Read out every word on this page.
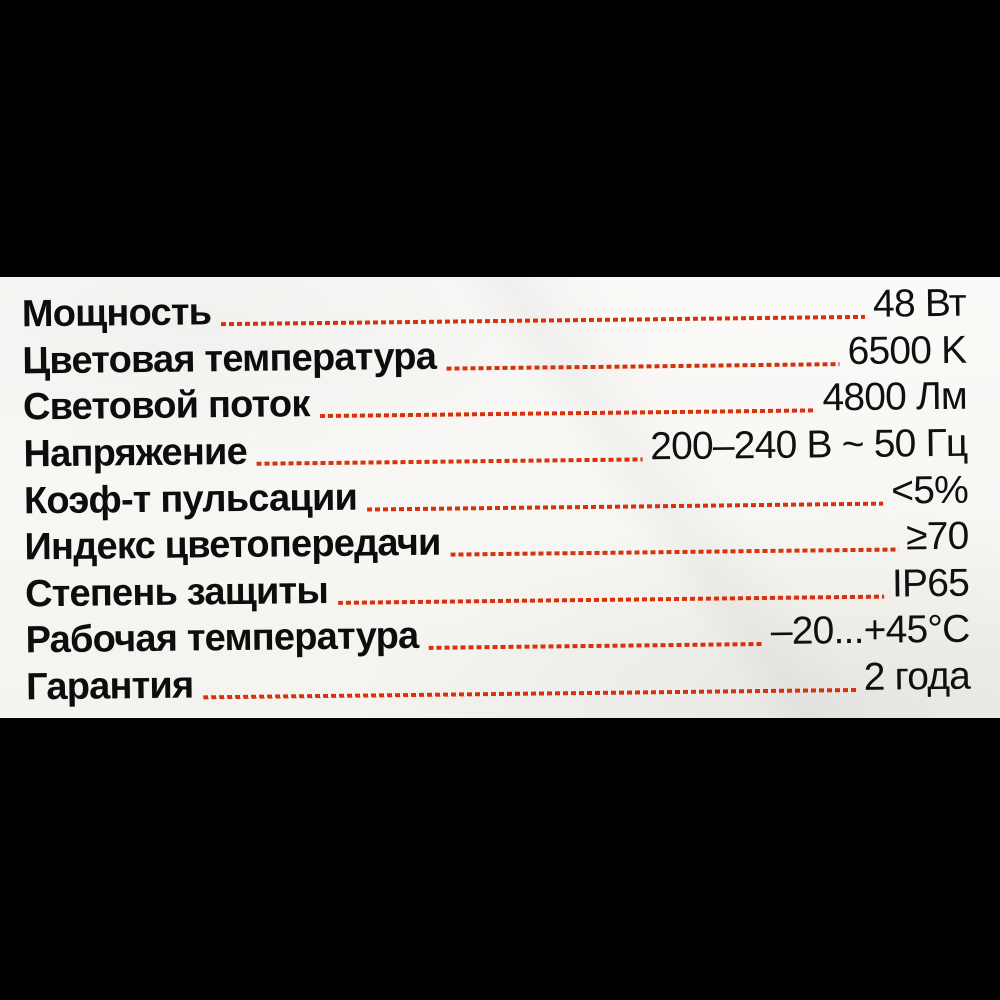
Мощность	48 Вт
Цветовая температура	6500 K
Световой поток	4800 Лм
Напряжение	200–240 В ~ 50 Гц
Коэф-т пульсации	<5%
Индекс цветопередачи	≥70
Степень защиты	IP65
Рабочая температура	–20...+45°C
Гарантия	2 года
